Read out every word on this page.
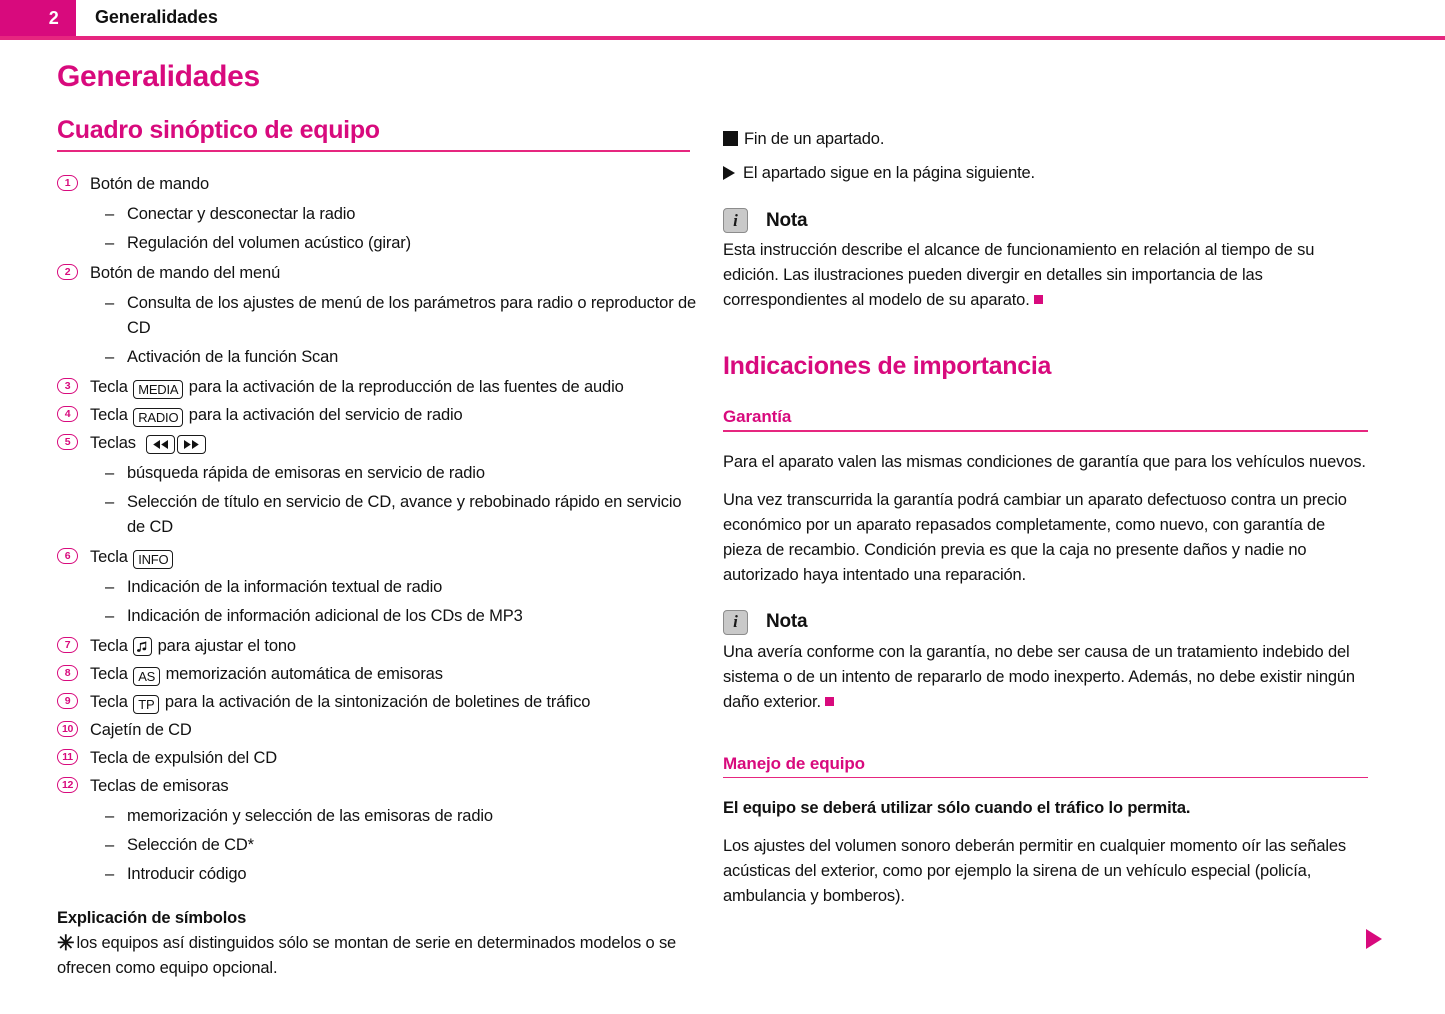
2	Generalidades
Generalidades
Cuadro sinóptico de equipo
1	Botón de mando
– Conectar y desconectar la radio
– Regulación del volumen acústico (girar)
2	Botón de mando del menú
– Consulta de los ajustes de menú de los parámetros para radio o reproductor de CD
– Activación de la función Scan
3	Tecla MEDIA para la activación de la reproducción de las fuentes de audio
4	Tecla RADIO para la activación del servicio de radio
5	Teclas
– búsqueda rápida de emisoras en servicio de radio
– Selección de título en servicio de CD, avance y rebobinado rápido en servicio de CD
6	Tecla INFO
– Indicación de la información textual de radio
– Indicación de información adicional de los CDs de MP3
7	Tecla para ajustar el tono
8	Tecla AS memorización automática de emisoras
9	Tecla TP para la activación de la sintonización de boletines de tráfico
10	Cajetín de CD
11	Tecla de expulsión del CD
12	Teclas de emisoras
– memorización y selección de las emisoras de radio
– Selección de CD*
– Introducir código
Explicación de símbolos
✳ los equipos así distinguidos sólo se montan de serie en determinados modelos o se ofrecen como equipo opcional.
Fin de un apartado.
El apartado sigue en la página siguiente.
i	Nota

Esta instrucción describe el alcance de funcionamiento en relación al tiempo de su edición. Las ilustraciones pueden divergir en detalles sin importancia de las correspondientes al modelo de su aparato.

Indicaciones de importancia
Garantía

Para el aparato valen las mismas condiciones de garantía que para los vehículos nuevos.

Una vez transcurrida la garantía podrá cambiar un aparato defectuoso contra un precio económico por un aparato repasados completamente, como nuevo, con garantía de pieza de recambio. Condición previa es que la caja no presente daños y nadie no autorizado haya intentado una reparación.

i	Nota

Una avería conforme con la garantía, no debe ser causa de un tratamiento indebido del sistema o de un intento de repararlo de modo inexperto. Además, no debe existir ningún daño exterior.

Manejo de equipo

El equipo se deberá utilizar sólo cuando el tráfico lo permita.

Los ajustes del volumen sonoro deberán permitir en cualquier momento oír las señales acústicas del exterior, como por ejemplo la sirena de un vehículo especial (policía, ambulancia y bomberos).
